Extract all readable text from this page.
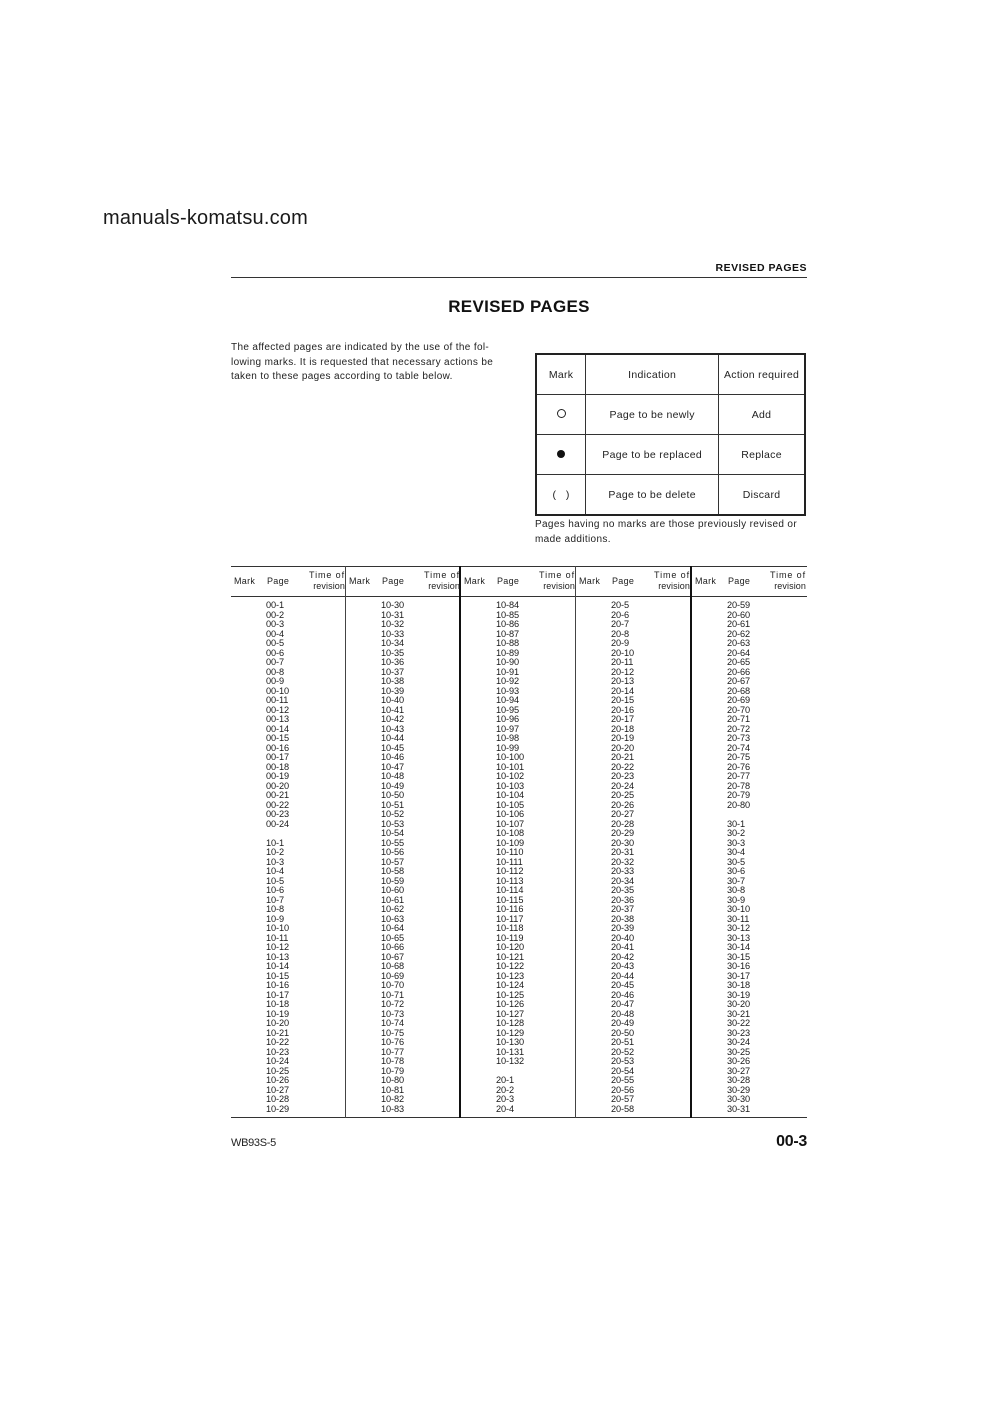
manuals-komatsu.com
REVISED PAGES
REVISED PAGES
The affected pages are indicated by the use of the fol-lowing marks. It is requested that necessary actions be taken to these pages according to table below.	Mark	Indication	Action required
	Page to be newly	Add
	Page to be replaced	Replace
(   )	Page to be delete	Discard
Pages having no marks are those previously revised or made additions.
Mark Page
Time of
revision
00-1
00-2
00-3
00-4
00-5
00-6
00-7
00-8
00-9
00-10
00-11
00-12
00-13
00-14
00-15
00-16
00-17
00-18
00-19
00-20
00-21
00-22
00-23
00-24
10-1
10-2
10-3
10-4
10-5
10-6
10-7
10-8
10-9
10-10
10-11
10-12
10-13
10-14
10-15
10-16
10-17
10-18
10-19
10-20
10-21
10-22
10-23
10-24
10-25
10-26
10-27
10-28
10-29
Mark Page
Time of
revision
10-30
10-31
10-32
10-33
10-34
10-35
10-36
10-37
10-38
10-39
10-40
10-41
10-42
10-43
10-44
10-45
10-46
10-47
10-48
10-49
10-50
10-51
10-52
10-53
10-54
10-55
10-56
10-57
10-58
10-59
10-60
10-61
10-62
10-63
10-64
10-65
10-66
10-67
10-68
10-69
10-70
10-71
10-72
10-73
10-74
10-75
10-76
10-77
10-78
10-79
10-80
10-81
10-82
10-83
Mark Page
Time of
revision
10-84
10-85
10-86
10-87
10-88
10-89
10-90
10-91
10-92
10-93
10-94
10-95
10-96
10-97
10-98
10-99
10-100
10-101
10-102
10-103
10-104
10-105
10-106
10-107
10-108
10-109
10-110
10-111
10-112
10-113
10-114
10-115
10-116
10-117
10-118
10-119
10-120
10-121
10-122
10-123
10-124
10-125
10-126
10-127
10-128
10-129
10-130
10-131
10-132
20-1
20-2
20-3
20-4
Mark Page
Time of
revision
20-5
20-6
20-7
20-8
20-9
20-10
20-11
20-12
20-13
20-14
20-15
20-16
20-17
20-18
20-19
20-20
20-21
20-22
20-23
20-24
20-25
20-26
20-27
20-28
20-29
20-30
20-31
20-32
20-33
20-34
20-35
20-36
20-37
20-38
20-39
20-40
20-41
20-42
20-43
20-44
20-45
20-46
20-47
20-48
20-49
20-50
20-51
20-52
20-53
20-54
20-55
20-56
20-57
20-58
Mark Page
Time of
revision
20-59
20-60
20-61
20-62
20-63
20-64
20-65
20-66
20-67
20-68
20-69
20-70
20-71
20-72
20-73
20-74
20-75
20-76
20-77
20-78
20-79
20-80
30-1
30-2
30-3
30-4
30-5
30-6
30-7
30-8
30-9
30-10
30-11
30-12
30-13
30-14
30-15
30-16
30-17
30-18
30-19
30-20
30-21
30-22
30-23
30-24
30-25
30-26
30-27
30-28
30-29
30-30
30-31
WB93S-5	00-3
